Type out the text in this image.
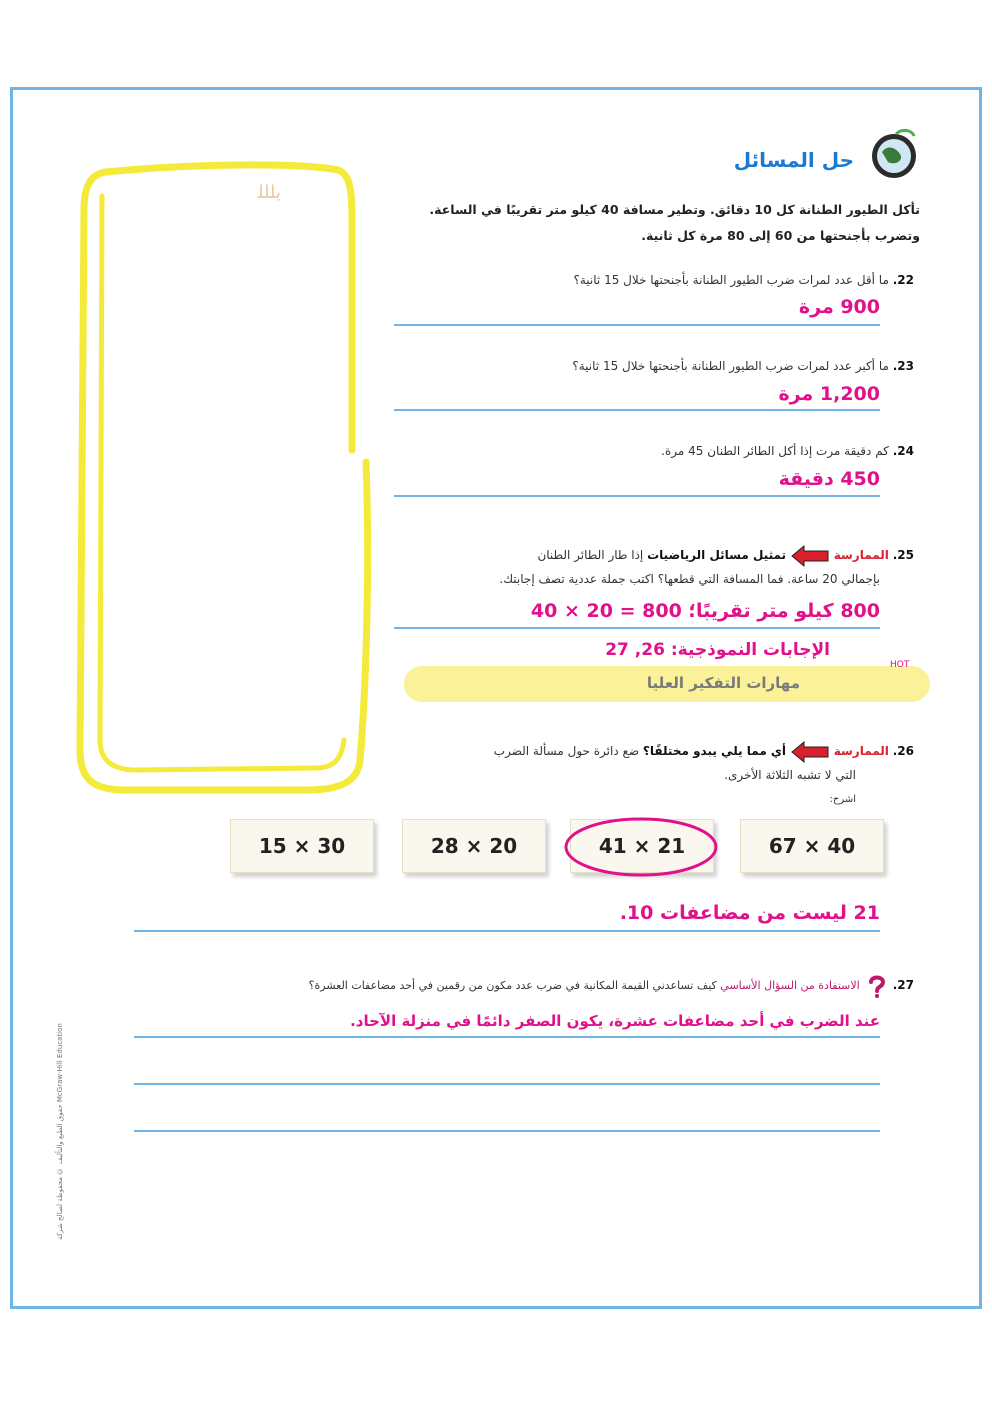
ﻳﻠﻠﻠ
حل المسائل
تأكل الطيور الطنانة كل 10 دقائق. وتطير مسافة 40 كيلو متر تقريبًا في الساعة. وتضرب بأجنحتها من 60 إلى 80 مرة كل ثانية.
22. ما أقل عدد لمرات ضرب الطيور الطنانة بأجنحتها خلال 15 ثانية؟
900 مرة
23. ما أكبر عدد لمرات ضرب الطيور الطنانة بأجنحتها خلال 15 ثانية؟
1,200 مرة
24. كم دقيقة مرت إذا أكل الطائر الطنان 45 مرة.
450 دقيقة
25. الممارسة  تمثيل مسائل الرياضيات إذا طار الطائر الطنان
بإجمالي 20 ساعة. فما المسافة التي قطعها؟ اكتب جملة عددية تصف إجابتك.
800 كيلو متر تقريبًا؛ 800 = 20 × 40
الإجابات النموذجية: 26, 27
مهارات التفكير العليا
HOT
26. الممارسة  أي مما يلي يبدو مختلفًا؟ ضع دائرة حول مسألة الضرب
التي لا تشبه الثلاثة الأخرى.
اشرح:
67 × 40
41 × 21
28 × 20
15 × 30
21 ليست من مضاعفات 10.
27.  الاستفادة من السؤال الأساسي كيف تساعدني القيمة المكانية في ضرب عدد مكون من رقمين في أحد مضاعفات العشرة؟
عند الضرب في أحد مضاعفات عشرة، يكون الصفر دائمًا في منزلة الآحاد.
حقوق الطبع والتأليف © محفوظة لصالح شركة McGraw-Hill Education
